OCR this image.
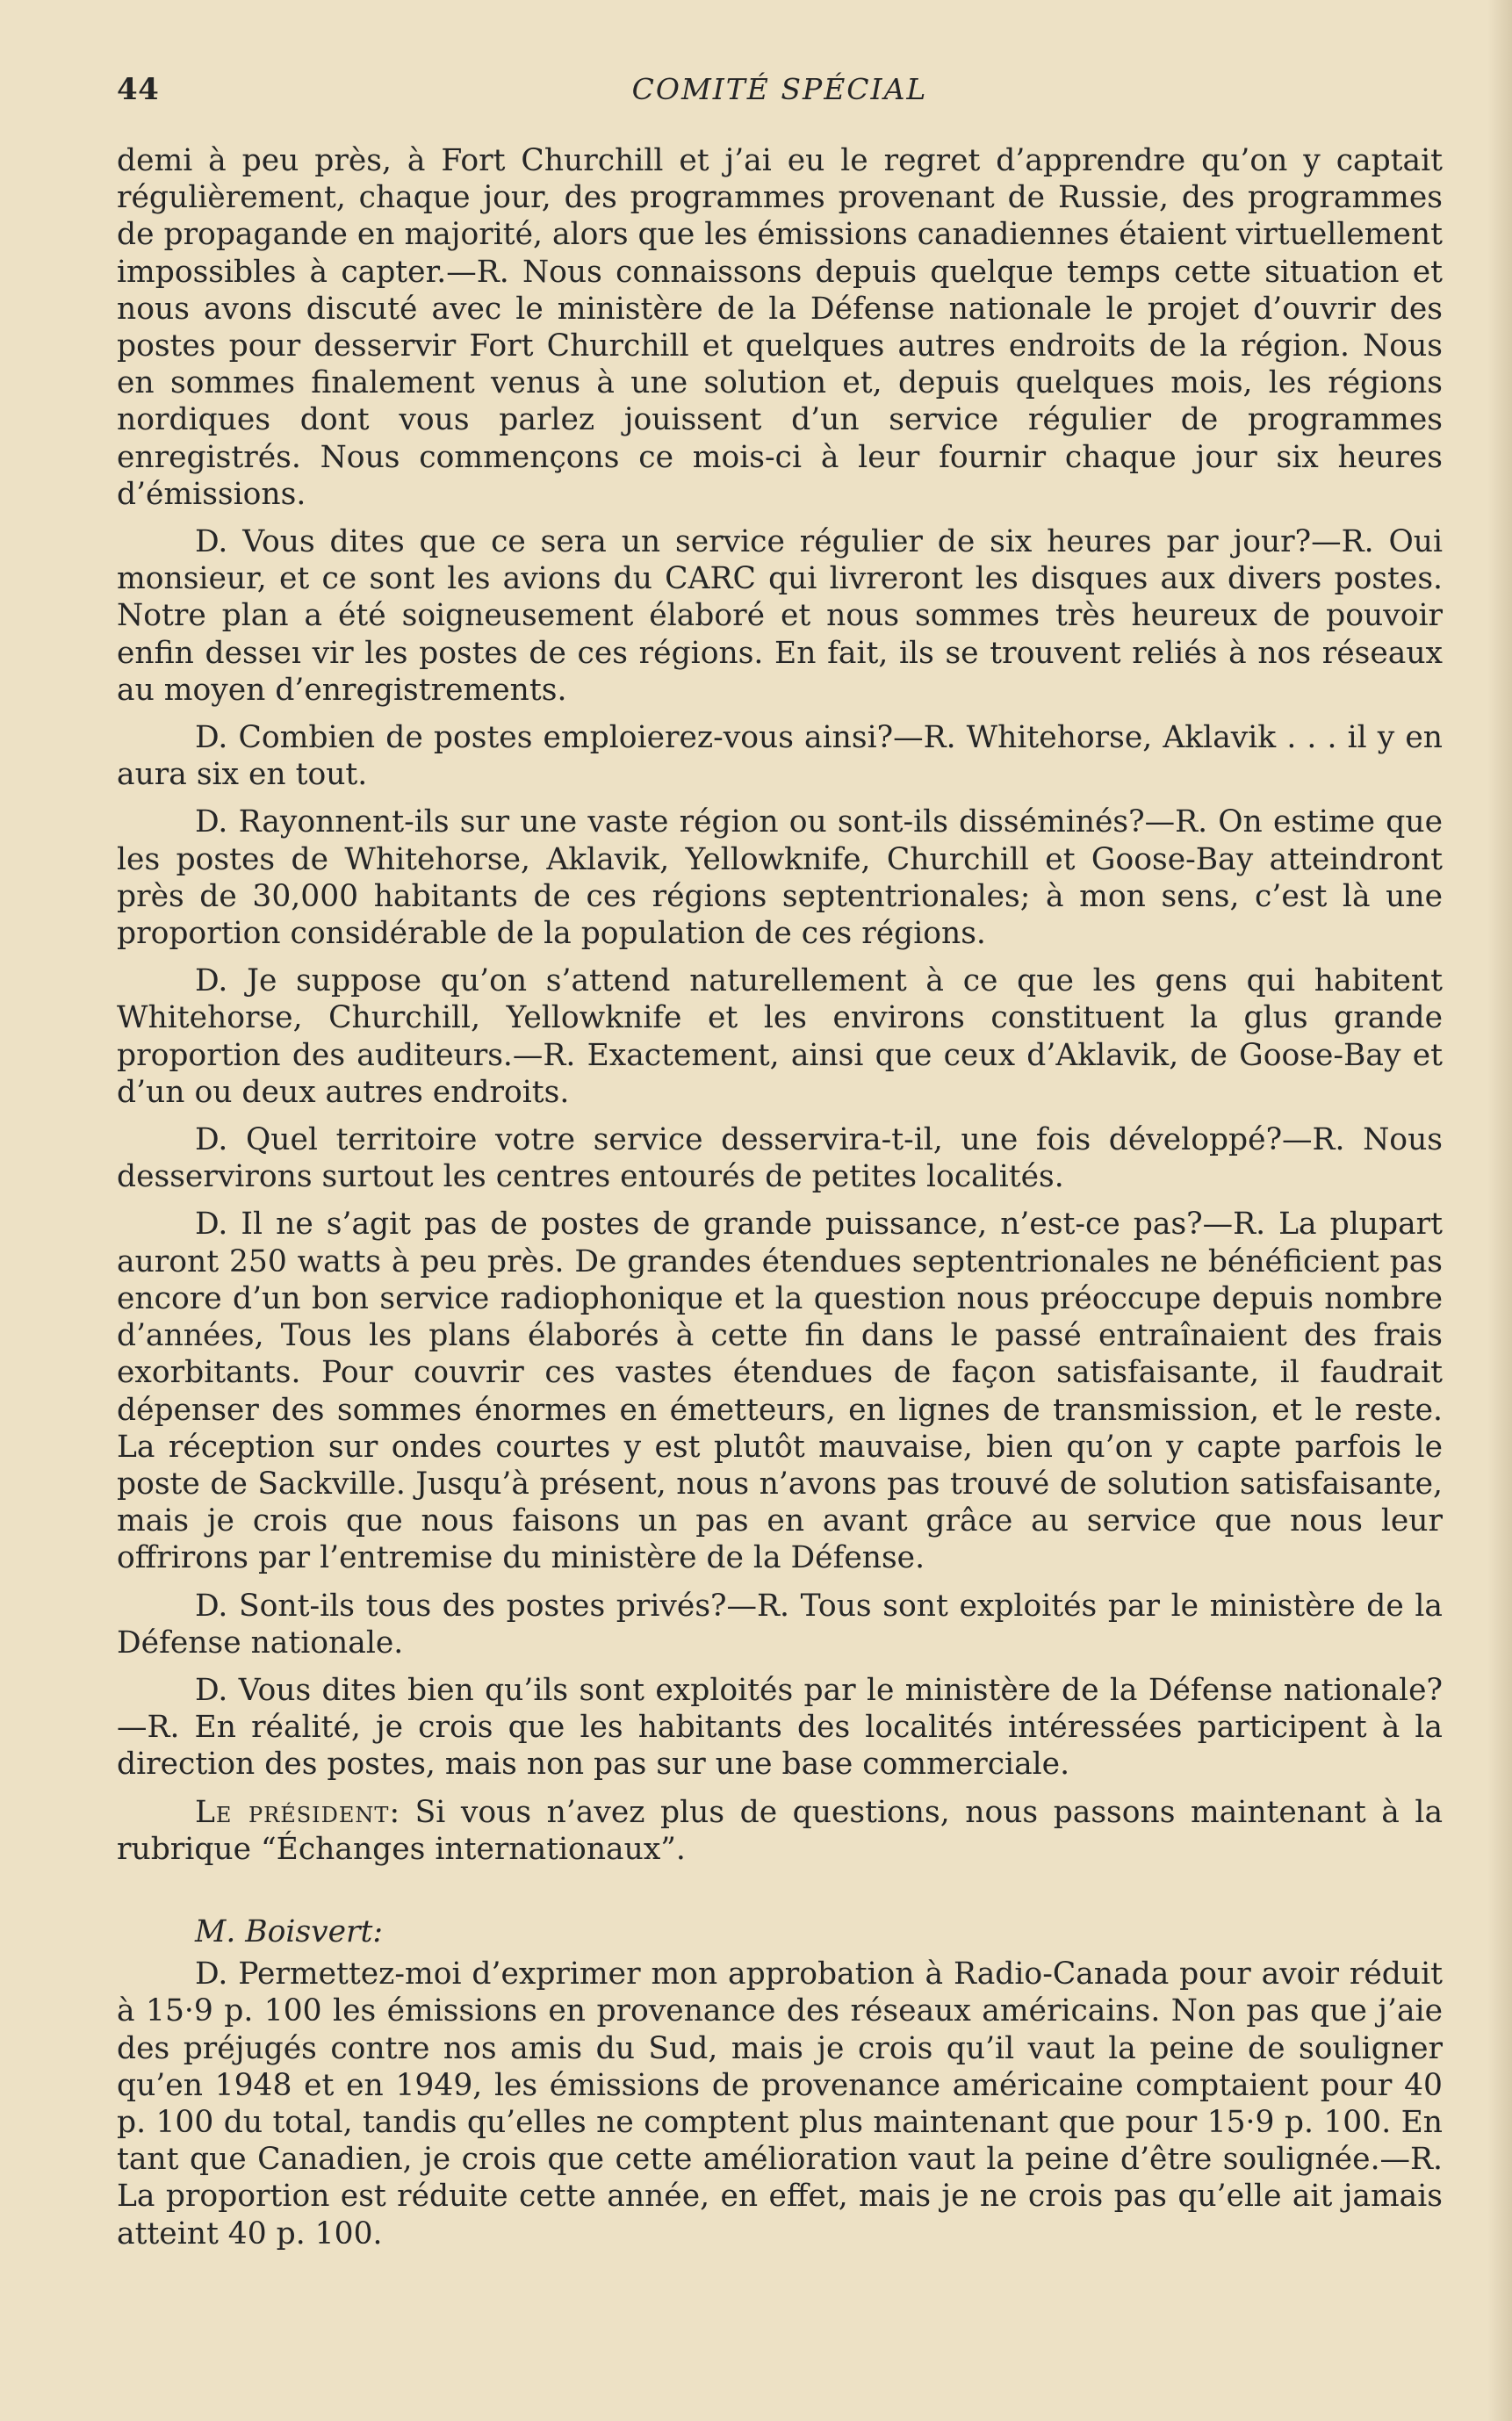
44	COMITÉ SPÉCIAL

demi à peu près, à Fort Churchill et j’ai eu le regret d’apprendre qu’on y captait régulièrement, chaque jour, des programmes provenant de Russie, des programmes de propagande en majorité, alors que les émissions canadiennes étaient virtuellement impossibles à capter.—R. Nous connaissons depuis quelque temps cette situation et nous avons discuté avec le ministère de la Défense nationale le projet d’ouvrir des postes pour desservir Fort Churchill et quelques autres endroits de la région. Nous en sommes finalement venus à une solution et, depuis quelques mois, les régions nordiques dont vous parlez jouissent d’un service régulier de programmes enregistrés. Nous commençons ce mois-ci à leur fournir chaque jour six heures d’émissions.

D. Vous dites que ce sera un service régulier de six heures par jour?—R. Oui monsieur, et ce sont les avions du CARC qui livreront les disques aux divers postes. Notre plan a été soigneusement élaboré et nous sommes très heureux de pouvoir enfin desseı vir les postes de ces régions. En fait, ils se trouvent reliés à nos réseaux au moyen d’enregistrements.

D. Combien de postes emploierez-vous ainsi?—R. Whitehorse, Aklavik . . . il y en aura six en tout.

D. Rayonnent-ils sur une vaste région ou sont-ils disséminés?—R. On estime que les postes de Whitehorse, Aklavik, Yellowknife, Churchill et Goose-Bay atteindront près de 30,000 habitants de ces régions septentrionales; à mon sens, c’est là une proportion considérable de la population de ces régions.

D. Je suppose qu’on s’attend naturellement à ce que les gens qui habitent Whitehorse, Churchill, Yellowknife et les environs constituent la glus grande proportion des auditeurs.—R. Exactement, ainsi que ceux d’Aklavik, de Goose-Bay et d’un ou deux autres endroits.

D. Quel territoire votre service desservira-t-il, une fois développé?—R. Nous desservirons surtout les centres entourés de petites localités.

D. Il ne s’agit pas de postes de grande puissance, n’est-ce pas?—R. La plupart auront 250 watts à peu près. De grandes étendues septentrionales ne bénéficient pas encore d’un bon service radiophonique et la question nous préoccupe depuis nombre d’années, Tous les plans élaborés à cette fin dans le passé entraînaient des frais exorbitants. Pour couvrir ces vastes étendues de façon satisfaisante, il faudrait dépenser des sommes énormes en émetteurs, en lignes de transmission, et le reste. La réception sur ondes courtes y est plutôt mauvaise, bien qu’on y capte parfois le poste de Sackville. Jusqu’à présent, nous n’avons pas trouvé de solution satisfaisante, mais je crois que nous faisons un pas en avant grâce au service que nous leur offrirons par l’entremise du ministère de la Défense.

D. Sont-ils tous des postes privés?—R. Tous sont exploités par le ministère de la Défense nationale.

D. Vous dites bien qu’ils sont exploités par le ministère de la Défense nationale?—R. En réalité, je crois que les habitants des localités intéressées participent à la direction des postes, mais non pas sur une base commerciale.

Le président: Si vous n’avez plus de questions, nous passons maintenant à la rubrique “Échanges internationaux”.

M. Boisvert:

D. Permettez-moi d’exprimer mon approbation à Radio-Canada pour avoir réduit à 15·9 p. 100 les émissions en provenance des réseaux américains. Non pas que j’aie des préjugés contre nos amis du Sud, mais je crois qu’il vaut la peine de souligner qu’en 1948 et en 1949, les émissions de provenance américaine comptaient pour 40 p. 100 du total, tandis qu’elles ne comptent plus maintenant que pour 15·9 p. 100. En tant que Canadien, je crois que cette amélioration vaut la peine d’être soulignée.—R. La proportion est réduite cette année, en effet, mais je ne crois pas qu’elle ait jamais atteint 40 p. 100.
